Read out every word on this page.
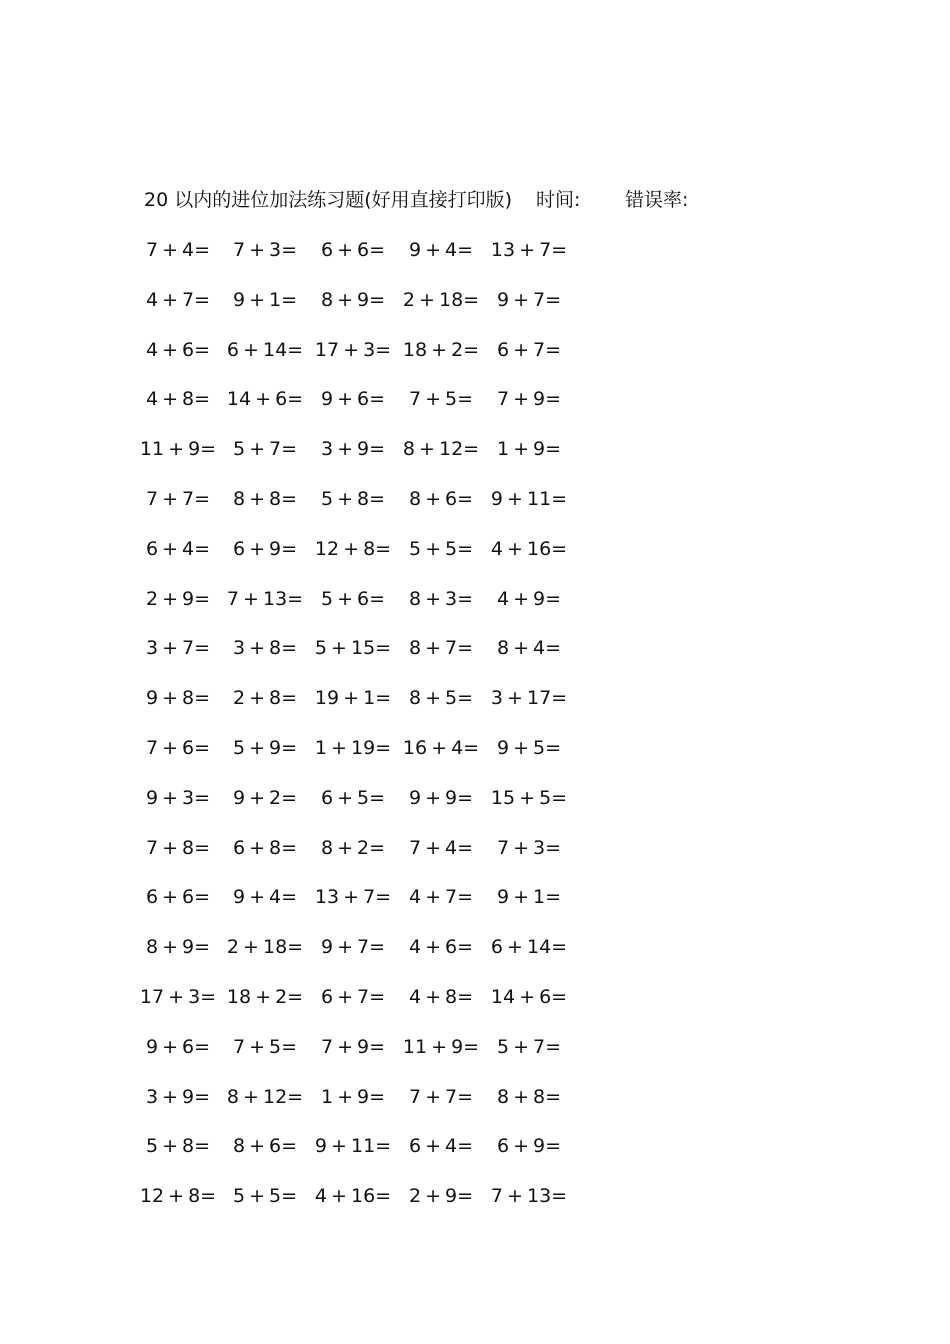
20 以内的进位加法练习题(好用直接打印版) 时间: 错误率:
7 + 4=	7 + 3=	6 + 6=	9 + 4= 13 + 7=
4 + 7=	9 + 1=	8 + 9= 2 + 18= 9 + 7=
4 + 6= 6 + 14= 17 + 3= 18 + 2= 6 + 7=
4 + 8= 14 + 6= 9 + 6=	7 + 5=	7 + 9=
11 + 9= 5 + 7=	3 + 9= 8 + 12= 1 + 9=
7 + 7=	8 + 8=	5 + 8=	8 + 6= 9 + 11=
6 + 4=	6 + 9= 12 + 8= 5 + 5= 4 + 16=
2 + 9= 7 + 13= 5 + 6=	8 + 3=	4 + 9=
3 + 7=	3 + 8= 5 + 15= 8 + 7=	8 + 4=
9 + 8=	2 + 8= 19 + 1= 8 + 5= 3 + 17=
7 + 6=	5 + 9= 1 + 19= 16 + 4= 9 + 5=
9 + 3=	9 + 2=	6 + 5=	9 + 9= 15 + 5=
7 + 8=	6 + 8=	8 + 2=	7 + 4=	7 + 3=
6 + 6=	9 + 4= 13 + 7= 4 + 7=	9 + 1=
8 + 9= 2 + 18= 9 + 7=	4 + 6= 6 + 14=
17 + 3= 18 + 2= 6 + 7=	4 + 8= 14 + 6=
9 + 6=	7 + 5=	7 + 9= 11 + 9= 5 + 7=
3 + 9= 8 + 12= 1 + 9=	7 + 7=	8 + 8=
5 + 8=	8 + 6= 9 + 11= 6 + 4=	6 + 9=
12 + 8= 5 + 5= 4 + 16= 2 + 9= 7 + 13=
